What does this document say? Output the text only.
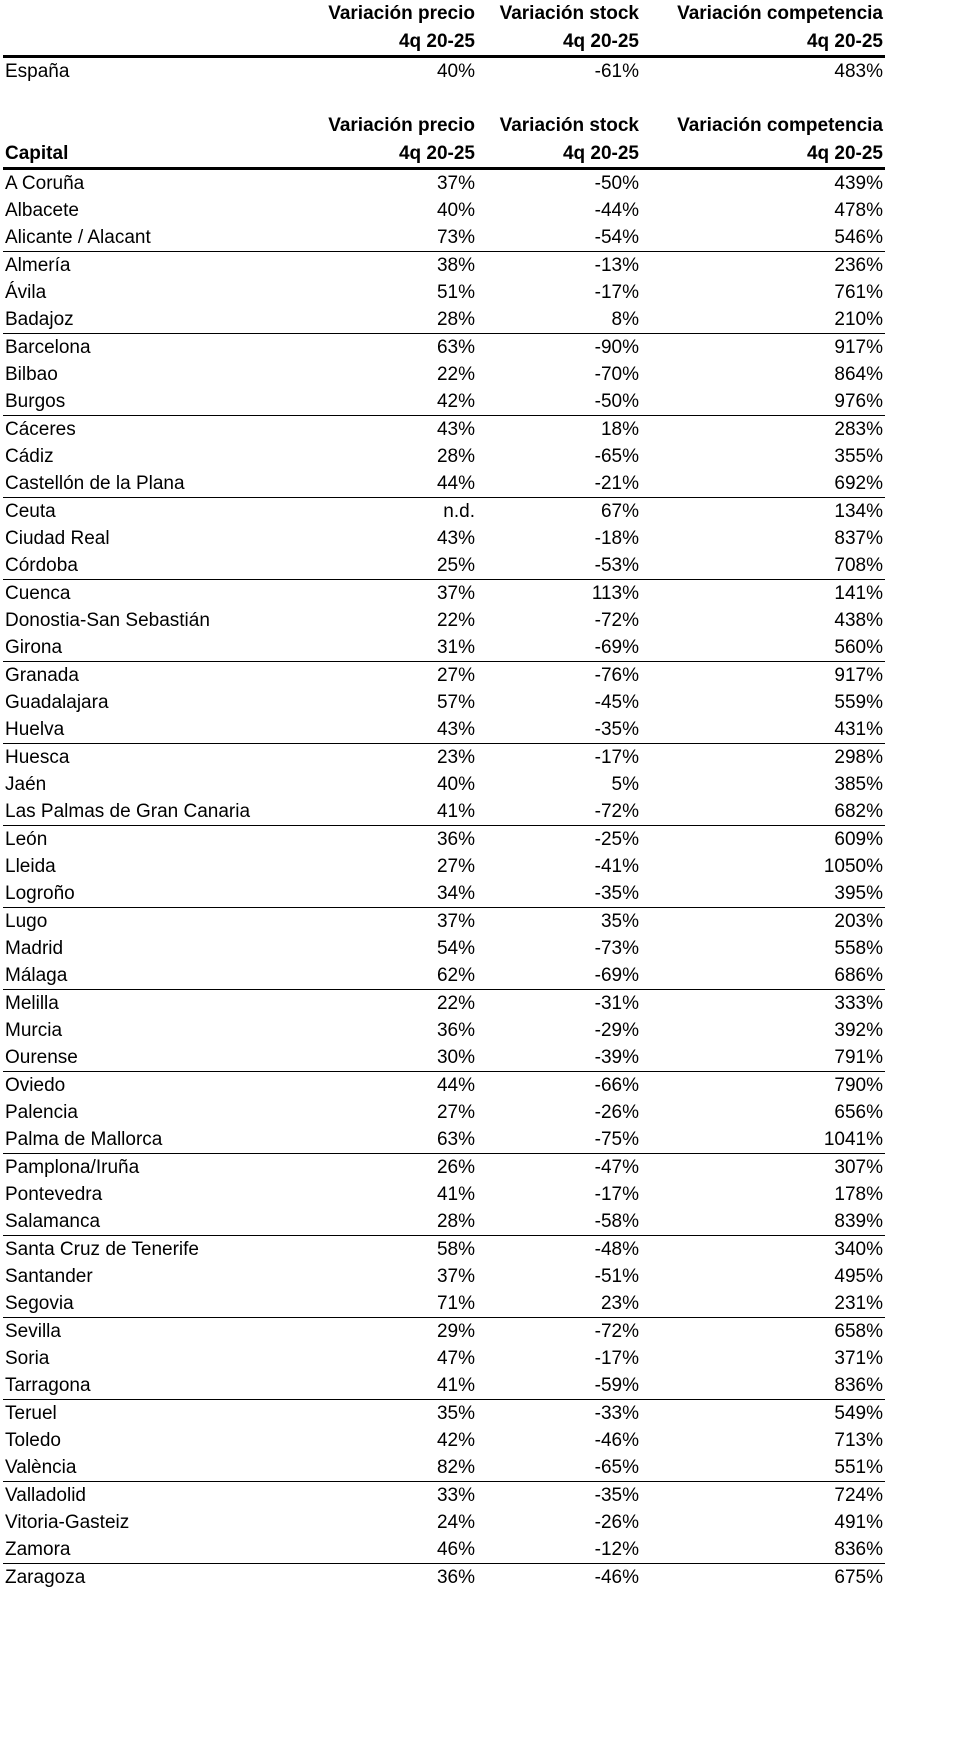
	Variación precio	Variación stock	Variación competencia
	4q 20-25	4q 20-25	4q 20-25
España	40%	-61%	483%
	Variación precio	Variación stock	Variación competencia
Capital	4q 20-25	4q 20-25	4q 20-25
A Coruña	37%	-50%	439%
Albacete	40%	-44%	478%
Alicante / Alacant	73%	-54%	546%
Almería	38%	-13%	236%
Ávila	51%	-17%	761%
Badajoz	28%	8%	210%
Barcelona	63%	-90%	917%
Bilbao	22%	-70%	864%
Burgos	42%	-50%	976%
Cáceres	43%	18%	283%
Cádiz	28%	-65%	355%
Castellón de la Plana	44%	-21%	692%
Ceuta	n.d.	67%	134%
Ciudad Real	43%	-18%	837%
Córdoba	25%	-53%	708%
Cuenca	37%	113%	141%
Donostia-San Sebastián	22%	-72%	438%
Girona	31%	-69%	560%
Granada	27%	-76%	917%
Guadalajara	57%	-45%	559%
Huelva	43%	-35%	431%
Huesca	23%	-17%	298%
Jaén	40%	5%	385%
Las Palmas de Gran Canaria	41%	-72%	682%
León	36%	-25%	609%
Lleida	27%	-41%	1050%
Logroño	34%	-35%	395%
Lugo	37%	35%	203%
Madrid	54%	-73%	558%
Málaga	62%	-69%	686%
Melilla	22%	-31%	333%
Murcia	36%	-29%	392%
Ourense	30%	-39%	791%
Oviedo	44%	-66%	790%
Palencia	27%	-26%	656%
Palma de Mallorca	63%	-75%	1041%
Pamplona/Iruña	26%	-47%	307%
Pontevedra	41%	-17%	178%
Salamanca	28%	-58%	839%
Santa Cruz de Tenerife	58%	-48%	340%
Santander	37%	-51%	495%
Segovia	71%	23%	231%
Sevilla	29%	-72%	658%
Soria	47%	-17%	371%
Tarragona	41%	-59%	836%
Teruel	35%	-33%	549%
Toledo	42%	-46%	713%
València	82%	-65%	551%
Valladolid	33%	-35%	724%
Vitoria-Gasteiz	24%	-26%	491%
Zamora	46%	-12%	836%
Zaragoza	36%	-46%	675%
